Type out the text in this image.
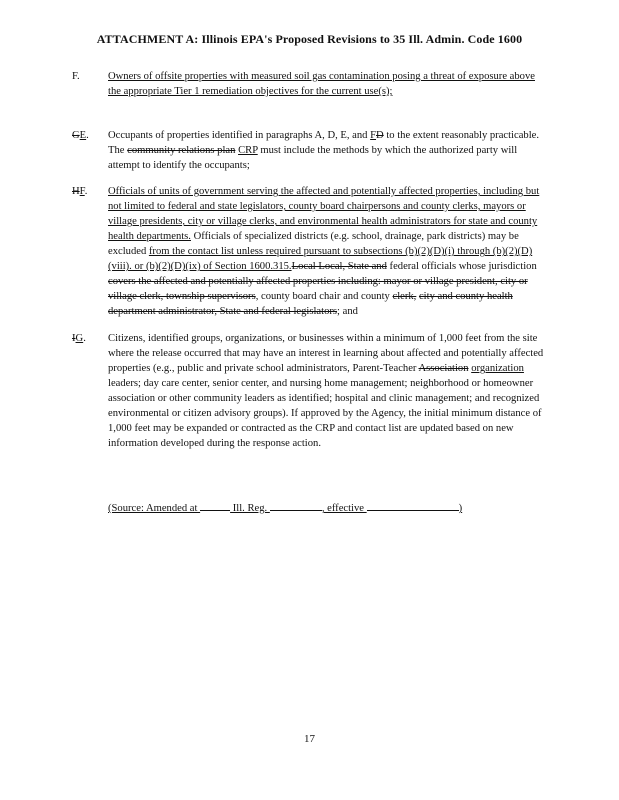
ATTACHMENT A: Illinois EPA's Proposed Revisions to 35 Ill. Admin. Code 1600
F.	Owners of offsite properties with measured soil gas contamination posing a threat of exposure above the appropriate Tier 1 remediation objectives for the current use(s);
GE.	Occupants of properties identified in paragraphs A, D, E, and FD to the extent reasonably practicable. The community relations plan CRP must include the methods by which the authorized party will attempt to identify the occupants;
HF.	Officials of units of government serving the affected and potentially affected properties, including but not limited to federal and state legislators, county board chairpersons and county clerks, mayors or village presidents, city or village clerks, and environmental health administrators for state and county health departments. Officials of specialized districts (e.g. school, drainage, park districts) may be excluded from the contact list unless required pursuant to subsections (b)(2)(D)(i) through (b)(2)(D)(viii). or (b)(2)(D)(ix) of Section 1600.315.Local Local, State and federal officials whose jurisdiction covers the affected and potentially affected properties including: mayor or village president, city or village clerk, township supervisors, county board chair and county clerk, city and county health department administrator, State and federal legislators; and
IG.	Citizens, identified groups, organizations, or businesses within a minimum of 1,000 feet from the site where the release occurred that may have an interest in learning about affected and potentially affected properties (e.g., public and private school administrators, Parent-Teacher Association organization leaders; day care center, senior center, and nursing home management; neighborhood or homeowner association or other community leaders as identified; hospital and clinic management; and recognized environmental or citizen advisory groups). If approved by the Agency, the initial minimum distance of 1,000 feet may be expanded or contracted as the CRP and contact list are updated based on new information developed during the response action.
(Source: Amended at	Ill. Reg.	, effective	)
17
